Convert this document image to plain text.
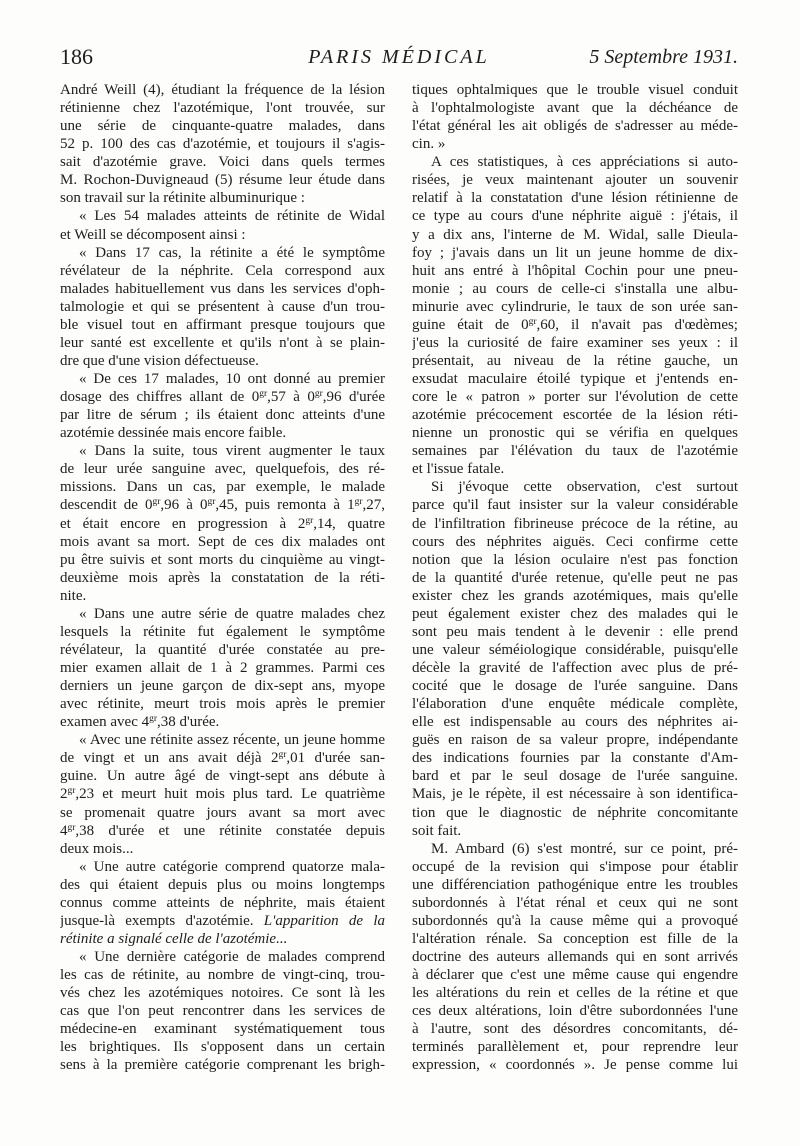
186	PARIS MÉDICAL	5 Septembre 1931.
André Weill (4), étudiant la fréquence de la lésion
rétinienne chez l'azotémique, l'ont trouvée, sur
une série de cinquante-quatre malades, dans
52 p. 100 des cas d'azotémie, et toujours il s'agis-
sait d'azotémie grave. Voici dans quels termes
M. Rochon-Duvigneaud (5) résume leur étude dans
son travail sur la rétinite albuminurique :
« Les 54 malades atteints de rétinite de Widal
et Weill se décomposent ainsi :
« Dans 17 cas, la rétinite a été le symptôme
révélateur de la néphrite. Cela correspond aux
malades habituellement vus dans les services d'oph-
talmologie et qui se présentent à cause d'un trou-
ble visuel tout en affirmant presque toujours que
leur santé est excellente et qu'ils n'ont à se plain-
dre que d'une vision défectueuse.
« De ces 17 malades, 10 ont donné au premier
dosage des chiffres allant de $0^{gr},57$ à $0^{gr},96$ d'urée
par litre de sérum ; ils étaient donc atteints d'une
azotémie dessinée mais encore faible.
« Dans la suite, tous virent augmenter le taux
de leur urée sanguine avec, quelquefois, des ré-
missions. Dans un cas, par exemple, le malade
descendit de $0^{gr},96$ à $0^{gr},45$, puis remonta à $1^{gr},27$,
et était encore en progression à $2^{gr},14$, quatre
mois avant sa mort. Sept de ces dix malades ont
pu être suivis et sont morts du cinquième au vingt-
deuxième mois après la constatation de la réti-
nite.
« Dans une autre série de quatre malades chez
lesquels la rétinite fut également le symptôme
révélateur, la quantité d'urée constatée au pre-
mier examen allait de 1 à 2 grammes. Parmi ces
derniers un jeune garçon de dix-sept ans, myope
avec rétinite, meurt trois mois après le premier
examen avec $4^{gr},38$ d'urée.
« Avec une rétinite assez récente, un jeune homme
de vingt et un ans avait déjà $2^{gr},01$ d'urée san-
guine. Un autre âgé de vingt-sept ans débute à
$2^{gr},23$ et meurt huit mois plus tard. Le quatrième
se promenait quatre jours avant sa mort avec
$4^{gr},38$ d'urée et une rétinite constatée depuis
deux mois...
« Une autre catégorie comprend quatorze mala-
des qui étaient depuis plus ou moins longtemps
connus comme atteints de néphrite, mais étaient
jusque-là exempts d'azotémie. L'apparition de la
rétinite a signalé celle de l'azotémie...
« Une dernière catégorie de malades comprend
les cas de rétinite, au nombre de vingt-cinq, trou-
vés chez les azotémiques notoires. Ce sont là les
cas que l'on peut rencontrer dans les services de
médecine-en examinant systématiquement tous
les brightiques. Ils s'opposent dans un certain
sens à la première catégorie comprenant les brigh-
tiques ophtalmiques que le trouble visuel conduit
à l'ophtalmologiste avant que la déchéance de
l'état général les ait obligés de s'adresser au méde-
cin. »
A ces statistiques, à ces appréciations si auto-
risées, je veux maintenant ajouter un souvenir
relatif à la constatation d'une lésion rétinienne de
ce type au cours d'une néphrite aiguë : j'étais, il
y a dix ans, l'interne de M. Widal, salle Dieula-
foy ; j'avais dans un lit un jeune homme de dix-
huit ans entré à l'hôpital Cochin pour une pneu-
monie ; au cours de celle-ci s'installa une albu-
minurie avec cylindrurie, le taux de son urée san-
guine était de $0^{gr},60$, il n'avait pas d'œdèmes;
j'eus la curiosité de faire examiner ses yeux : il
présentait, au niveau de la rétine gauche, un
exsudat maculaire étoilé typique et j'entends en-
core le « patron » porter sur l'évolution de cette
azotémie précocement escortée de la lésion réti-
nienne un pronostic qui se vérifia en quelques
semaines par l'élévation du taux de l'azotémie
et l'issue fatale.
Si j'évoque cette observation, c'est surtout
parce qu'il faut insister sur la valeur considérable
de l'infiltration fibrineuse précoce de la rétine, au
cours des néphrites aiguës. Ceci confirme cette
notion que la lésion oculaire n'est pas fonction
de la quantité d'urée retenue, qu'elle peut ne pas
exister chez les grands azotémiques, mais qu'elle
peut également exister chez des malades qui le
sont peu mais tendent à le devenir : elle prend
une valeur séméiologique considérable, puisqu'elle
décèle la gravité de l'affection avec plus de pré-
cocité que le dosage de l'urée sanguine. Dans
l'élaboration d'une enquête médicale complète,
elle est indispensable au cours des néphrites ai-
guës en raison de sa valeur propre, indépendante
des indications fournies par la constante d'Am-
bard et par le seul dosage de l'urée sanguine.
Mais, je le répète, il est nécessaire à son identifica-
tion que le diagnostic de néphrite concomitante
soit fait.
M. Ambard (6) s'est montré, sur ce point, pré-
occupé de la revision qui s'impose pour établir
une différenciation pathogénique entre les troubles
subordonnés à l'état rénal et ceux qui ne sont
subordonnés qu'à la cause même qui a provoqué
l'altération rénale. Sa conception est fille de la
doctrine des auteurs allemands qui en sont arrivés
à déclarer que c'est une même cause qui engendre
les altérations du rein et celles de la rétine et que
ces deux altérations, loin d'être subordonnées l'une
à l'autre, sont des désordres concomitants, dé-
terminés parallèlement et, pour reprendre leur
expression, « coordonnés ». Je pense comme lui
